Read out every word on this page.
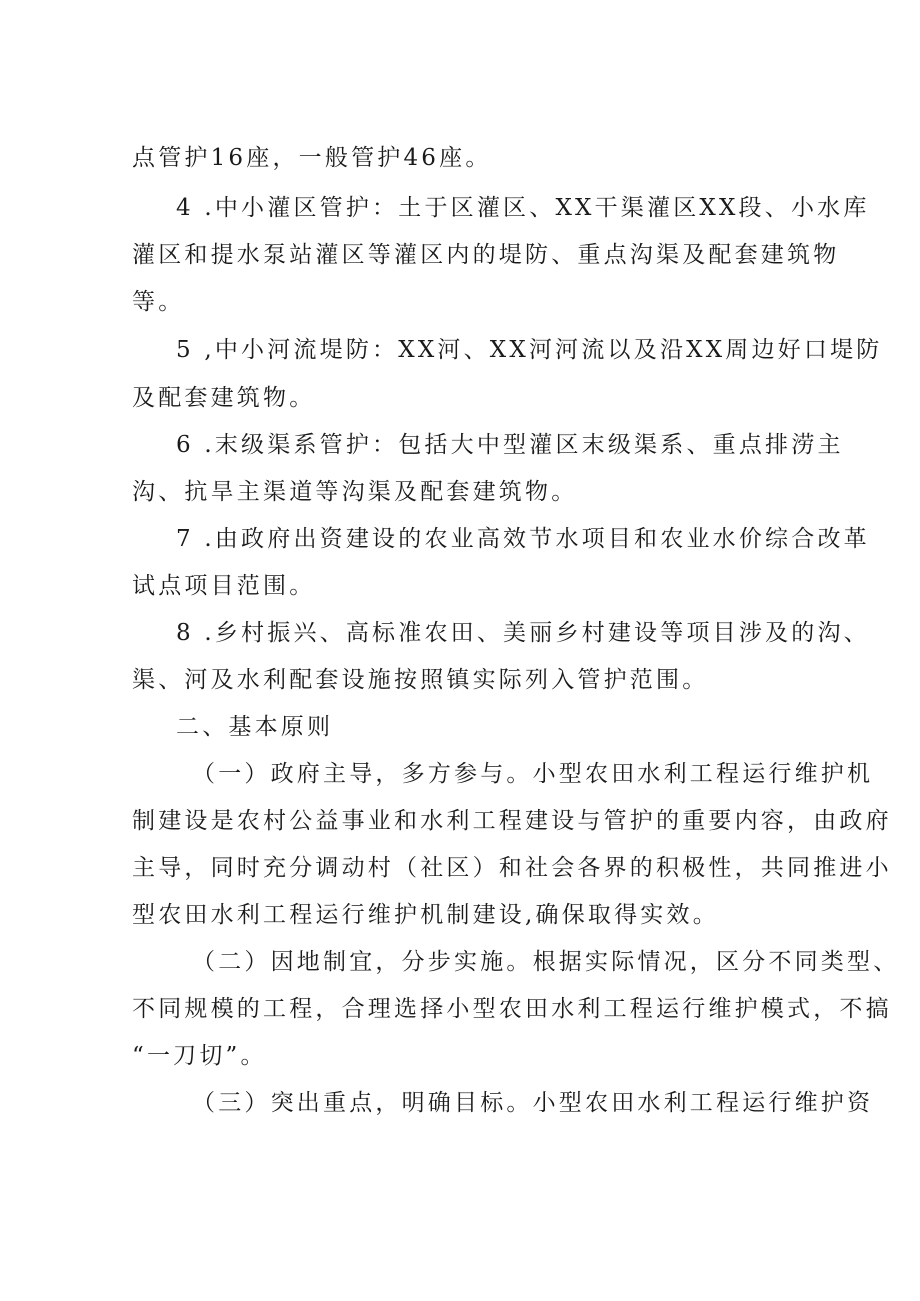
点管护16座，一般管护46座。
4 .中小灌区管护：土于区灌区、XX干渠灌区XX段、小水库
灌区和提水泵站灌区等灌区内的堤防、重点沟渠及配套建筑物
等。
5 ,中小河流堤防：XX河、XX河河流以及沿XX周边好口堤防
及配套建筑物。
6 .末级渠系管护：包括大中型灌区末级渠系、重点排涝主
沟、抗旱主渠道等沟渠及配套建筑物。
7 .由政府出资建设的农业高效节水项目和农业水价综合改革
试点项目范围。
8 .乡村振兴、高标准农田、美丽乡村建设等项目涉及的沟、
渠、河及水利配套设施按照镇实际列入管护范围。
二、基本原则
（一）政府主导，多方参与。小型农田水利工程运行维护机
制建设是农村公益事业和水利工程建设与管护的重要内容，由政府
主导，同时充分调动村（社区）和社会各界的积极性，共同推进小
型农田水利工程运行维护机制建设,确保取得实效。
（二）因地制宜，分步实施。根据实际情况，区分不同类型、
不同规模的工程，合理选择小型农田水利工程运行维护模式，不搞
“一刀切”。
（三）突出重点，明确目标。小型农田水利工程运行维护资
